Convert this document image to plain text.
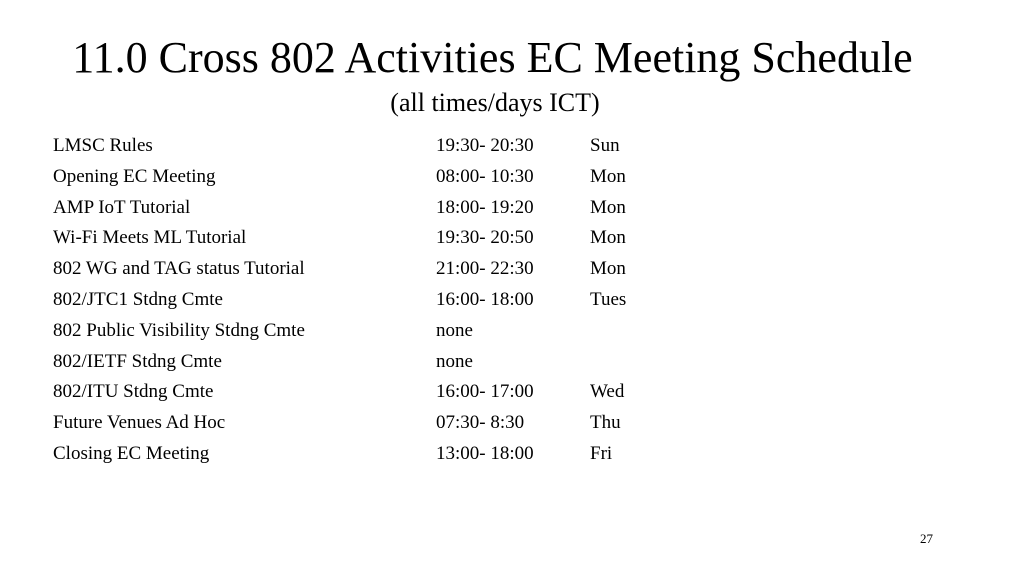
11.0 Cross 802 Activities EC Meeting Schedule
(all times/days ICT)
LMSC Rules	19:30- 20:30	Sun
Opening EC Meeting	08:00- 10:30	Mon
AMP IoT Tutorial	18:00- 19:20	Mon
Wi-Fi Meets ML Tutorial	19:30- 20:50	Mon
802 WG and TAG status Tutorial	21:00- 22:30	Mon
802/JTC1 Stdng Cmte	16:00- 18:00	Tues
802 Public Visibility Stdng Cmte	none
802/IETF Stdng Cmte	none
802/ITU Stdng Cmte	16:00- 17:00	Wed
Future Venues Ad Hoc	07:30- 8:30	Thu
Closing EC Meeting	13:00- 18:00	Fri
27
